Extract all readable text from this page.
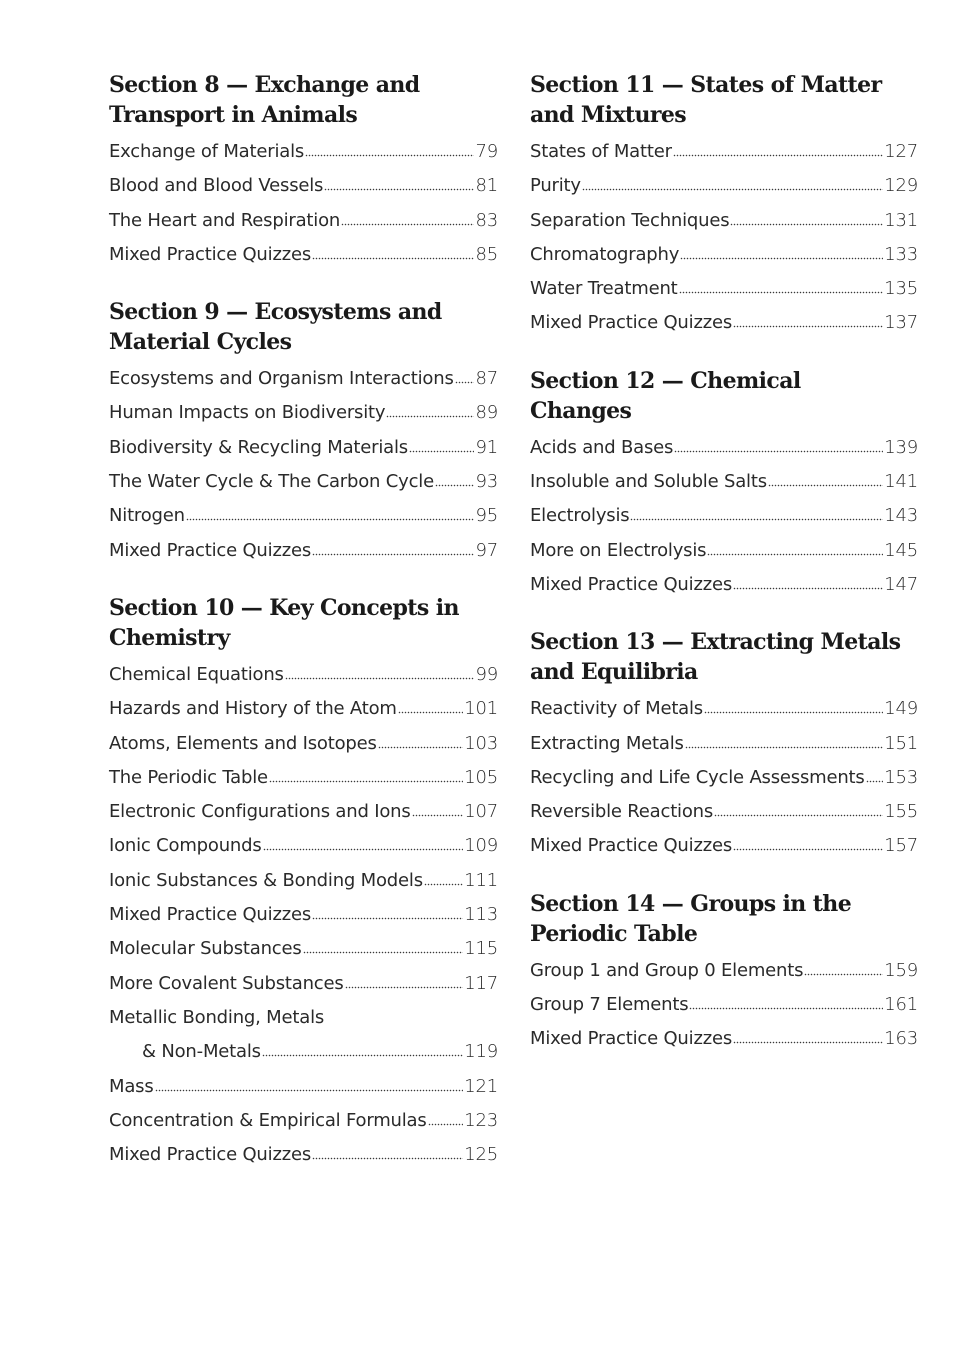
Section 8 — Exchange and
Transport in Animals
Exchange of Materials	79
Blood and Blood Vessels	81
The Heart and Respiration	83
Mixed Practice Quizzes	85
Section 9 — Ecosystems and
Material Cycles
Ecosystems and Organism Interactions 87
Human Impacts on Biodiversity	89
Biodiversity & Recycling Materials	91
The Water Cycle & The Carbon Cycle 93
Nitrogen	95
Mixed Practice Quizzes	97
Section 10 — Key Concepts in
Chemistry
Chemical Equations	99
Hazards and History of the Atom	101
Atoms, Elements and Isotopes	103
The Periodic Table	105
Electronic Configurations and Ions	107
Ionic Compounds	109
Ionic Substances & Bonding Models 111
Mixed Practice Quizzes	113
Molecular Substances	115
More Covalent Substances	117
Metallic Bonding, Metals
& Non-Metals	119
Mass	121
Concentration & Empirical Formulas 123
Mixed Practice Quizzes	125
Section 11 — States of Matter
and Mixtures
States of Matter	127
Purity	129
Separation Techniques	131
Chromatography	133
Water Treatment	135
Mixed Practice Quizzes	137
Section 12 — Chemical
Changes
Acids and Bases	139
Insoluble and Soluble Salts	141
Electrolysis	143
More on Electrolysis	145
Mixed Practice Quizzes	147
Section 13 — Extracting Metals
and Equilibria
Reactivity of Metals	149
Extracting Metals	151
Recycling and Life Cycle Assessments 153
Reversible Reactions	155
Mixed Practice Quizzes	157
Section 14 — Groups in the
Periodic Table
Group 1 and Group 0 Elements	159
Group 7 Elements	161
Mixed Practice Quizzes	163
